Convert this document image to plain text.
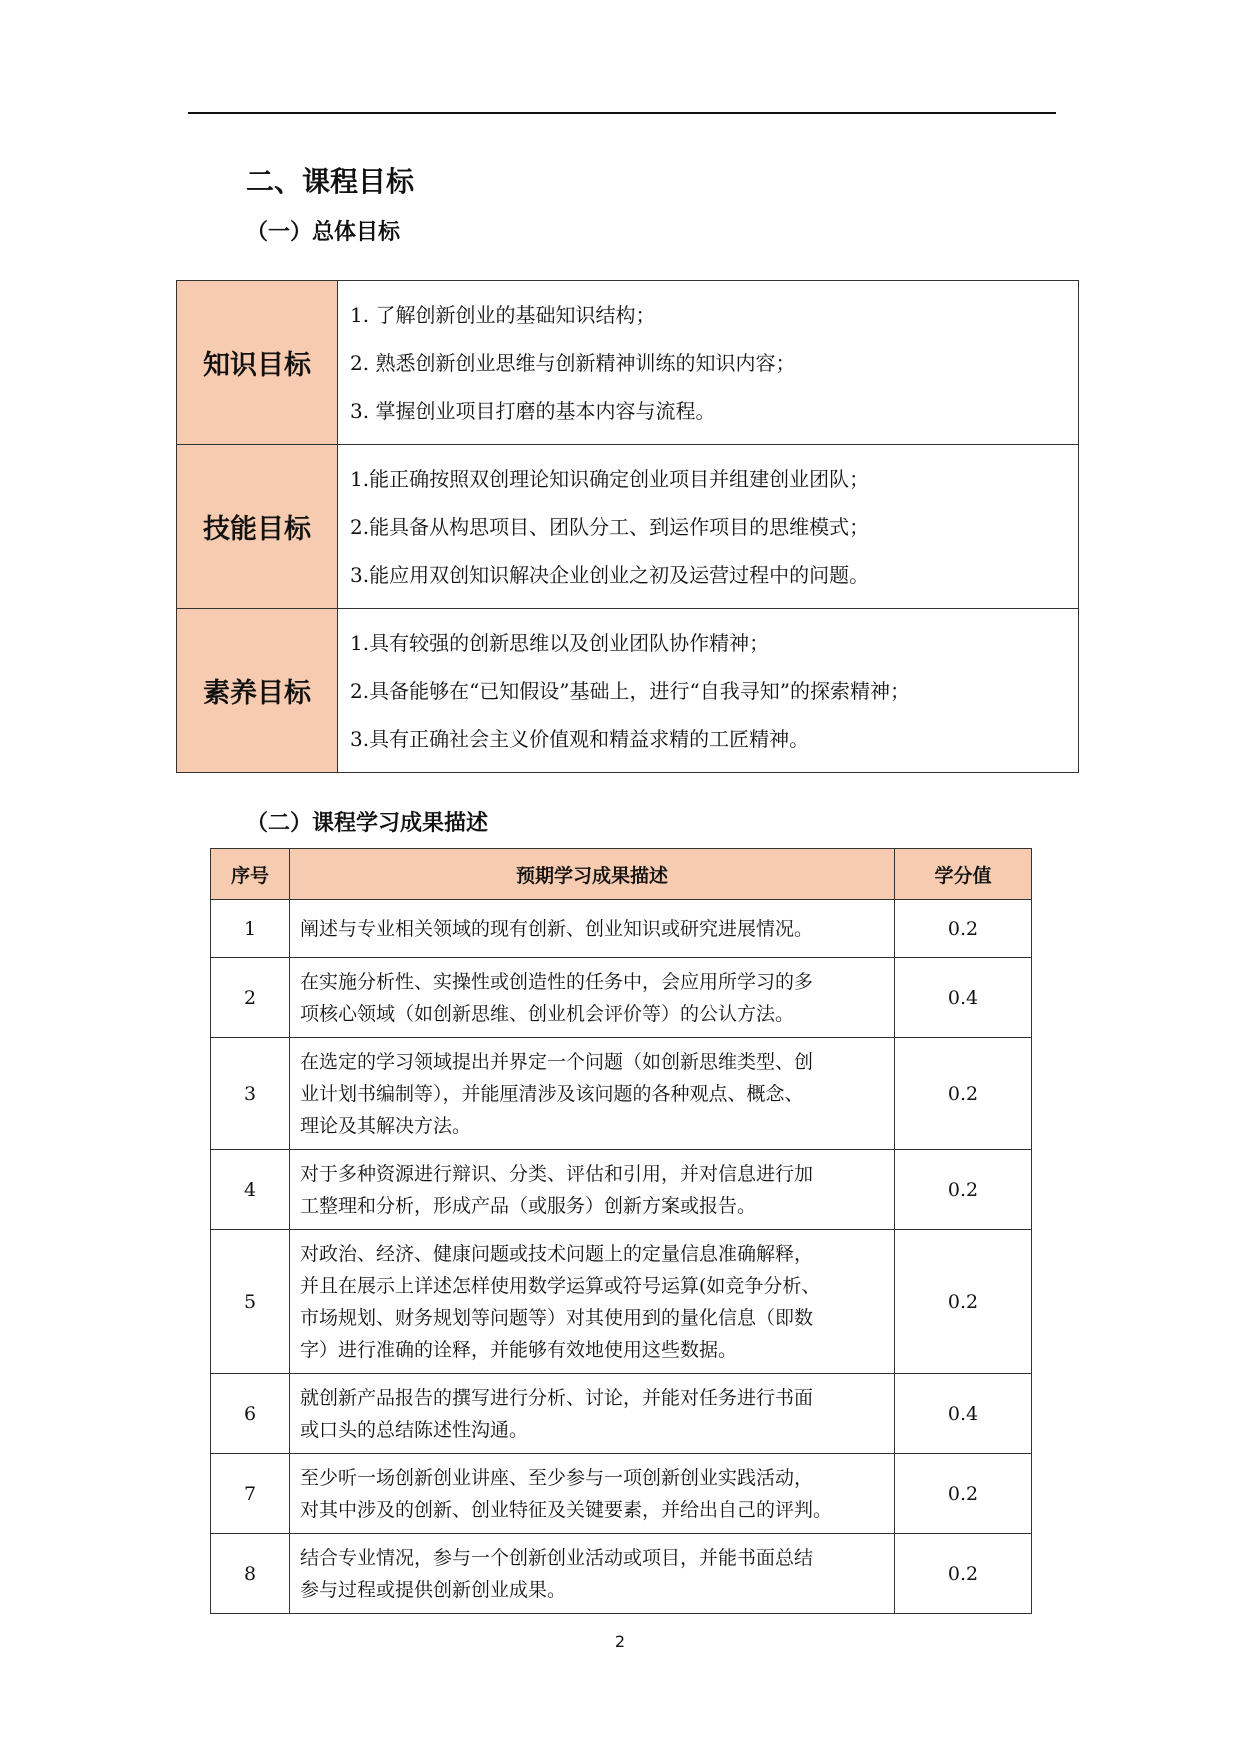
二、课程目标
（一）总体目标
知识目标	1. 了解创新创业的基础知识结构；
2. 熟悉创新创业思维与创新精神训练的知识内容；
3. 掌握创业项目打磨的基本内容与流程。

技能目标	1.能正确按照双创理论知识确定创业项目并组建创业团队；
2.能具备从构思项目、团队分工、到运作项目的思维模式；
3.能应用双创知识解决企业创业之初及运营过程中的问题。

素养目标	1.具有较强的创新思维以及创业团队协作精神；
2.具备能够在“已知假设”基础上，进行“自我寻知”的探索精神；
3.具有正确社会主义价值观和精益求精的工匠精神。
（二）课程学习成果描述
序号	预期学习成果描述	学分值
1	阐述与专业相关领域的现有创新、创业知识或研究进展情况。	0.2
2	在实施分析性、实操性或创造性的任务中，会应用所学习的多
项核心领域（如创新思维、创业机会评价等）的公认方法。	0.4
3	在选定的学习领域提出并界定一个问题（如创新思维类型、创
业计划书编制等），并能厘清涉及该问题的各种观点、概念、
理论及其解决方法。	0.2
4	对于多种资源进行辩识、分类、评估和引用，并对信息进行加
工整理和分析，形成产品（或服务）创新方案或报告。	0.2
5	对政治、经济、健康问题或技术问题上的定量信息准确解释，
并且在展示上详述怎样使用数学运算或符号运算(如竞争分析、
市场规划、财务规划等问题等）对其使用到的量化信息（即数
字）进行准确的诠释，并能够有效地使用这些数据。	0.2
6	就创新产品报告的撰写进行分析、讨论，并能对任务进行书面
或口头的总结陈述性沟通。	0.4
7	至少听一场创新创业讲座、至少参与一项创新创业实践活动，
对其中涉及的创新、创业特征及关键要素，并给出自己的评判。	0.2
8	结合专业情况，参与一个创新创业活动或项目，并能书面总结
参与过程或提供创新创业成果。	0.2
2
